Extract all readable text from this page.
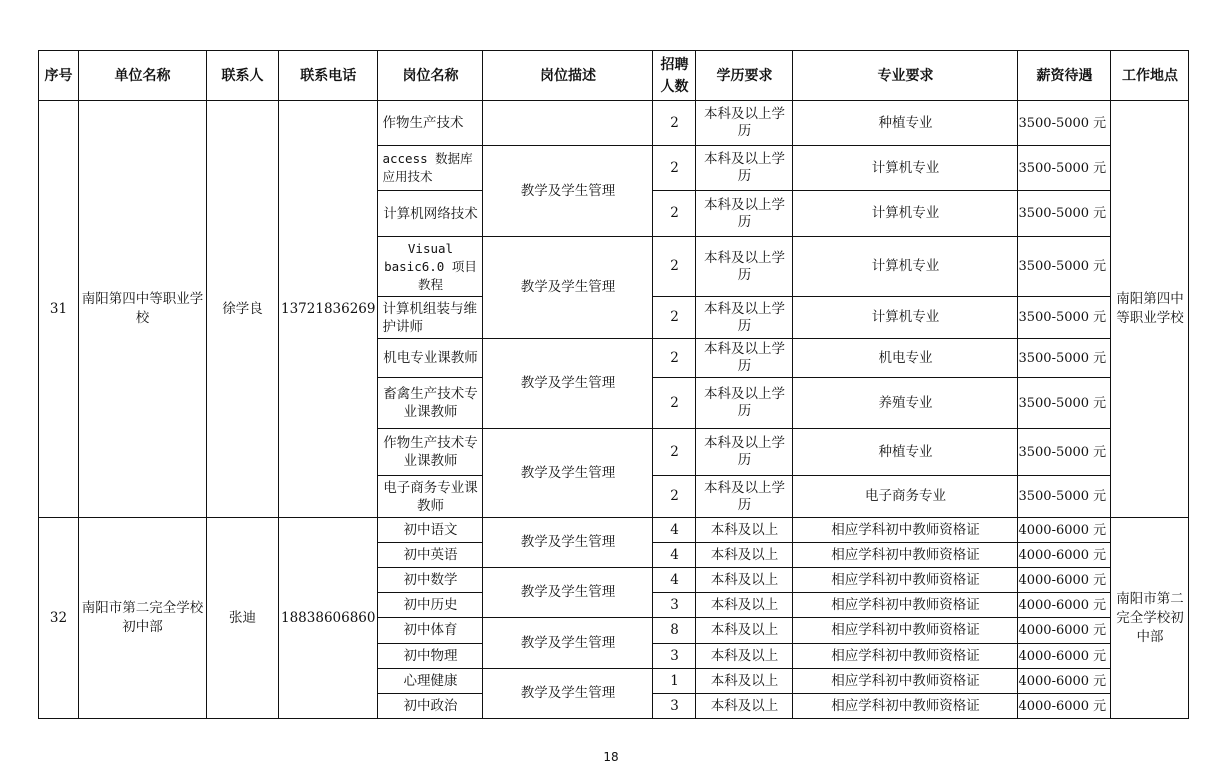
序号	单位名称	联系人	联系电话	岗位名称	岗位描述	招聘人数	学历要求	专业要求	薪资待遇	工作地点
31	南阳第四中等职业学校	徐学良	13721836269	作物生产技术		2	本科及以上学历	种植专业	3500-5000 元	南阳第四中等职业学校
				access 数据库应用技术	教学及学生管理	2	本科及以上学历	计算机专业	3500-5000 元	
				计算机网络技术		2	本科及以上学历	计算机专业	3500-5000 元	
				Visual basic6.0 项目教程	教学及学生管理	2	本科及以上学历	计算机专业	3500-5000 元	
				计算机组装与维护讲师		2	本科及以上学历	计算机专业	3500-5000 元	
				机电专业课教师	教学及学生管理	2	本科及以上学历	机电专业	3500-5000 元	
				畜禽生产技术专业课教师		2	本科及以上学历	养殖专业	3500-5000 元	
				作物生产技术专业课教师	教学及学生管理	2	本科及以上学历	种植专业	3500-5000 元	
				电子商务专业课教师		2	本科及以上学历	电子商务专业	3500-5000 元	
32	南阳市第二完全学校初中部	张迪	18838606860	初中语文	教学及学生管理	4	本科及以上	相应学科初中教师资格证	4000-6000 元	南阳市第二完全学校初中部
				初中英语		4	本科及以上	相应学科初中教师资格证	4000-6000 元	
				初中数学	教学及学生管理	4	本科及以上	相应学科初中教师资格证	4000-6000 元	
				初中历史		3	本科及以上	相应学科初中教师资格证	4000-6000 元	
				初中体育	教学及学生管理	8	本科及以上	相应学科初中教师资格证	4000-6000 元	
				初中物理		3	本科及以上	相应学科初中教师资格证	4000-6000 元	
				心理健康	教学及学生管理	1	本科及以上	相应学科初中教师资格证	4000-6000 元	
				初中政治		3	本科及以上	相应学科初中教师资格证	4000-6000 元	
18
